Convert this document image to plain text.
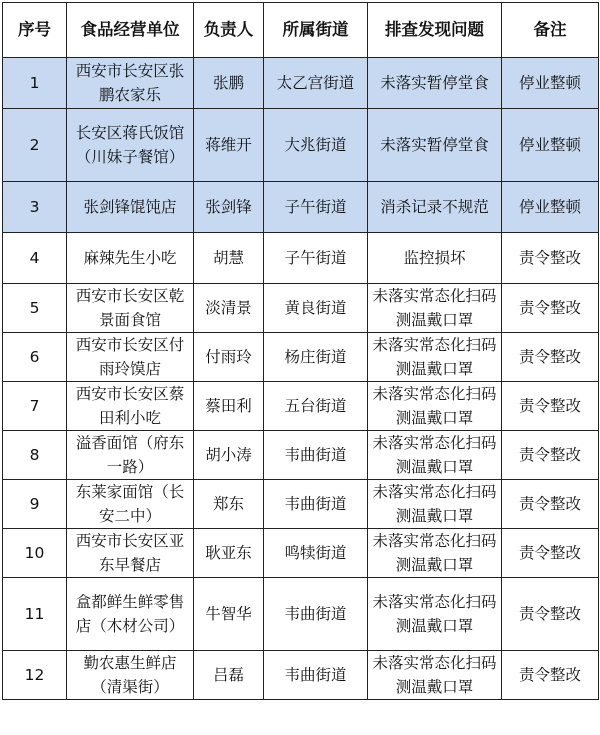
序号	食品经营单位	负责人	所属街道	排查发现问题	备注
1	西安市长安区张鹏农家乐	张鹏	太乙宫街道	未落实暂停堂食	停业整顿
2	长安区蒋氏饭馆（川妹子餐馆）	蒋维开	大兆街道	未落实暂停堂食	停业整顿
3	张剑锋馄饨店	张剑锋	子午街道	消杀记录不规范	停业整顿
4	麻辣先生小吃	胡慧	子午街道	监控损坏	责令整改
5	西安市长安区乾景面食馆	淡清景	黄良街道	未落实常态化扫码测温戴口罩	责令整改
6	西安市长安区付雨玲馍店	付雨玲	杨庄街道	未落实常态化扫码测温戴口罩	责令整改
7	西安市长安区蔡田利小吃	蔡田利	五台街道	未落实常态化扫码测温戴口罩	责令整改
8	溢香面馆（府东一路）	胡小涛	韦曲街道	未落实常态化扫码测温戴口罩	责令整改
9	东莱家面馆（长安二中）	郑东	韦曲街道	未落实常态化扫码测温戴口罩	责令整改
10	西安市长安区亚东早餐店	耿亚东	鸣犊街道	未落实常态化扫码测温戴口罩	责令整改
11	盒都鲜生鲜零售店（木材公司）	牛智华	韦曲街道	未落实常态化扫码测温戴口罩	责令整改
12	勤农惠生鲜店（清渠街）	吕磊	韦曲街道	未落实常态化扫码测温戴口罩	责令整改
